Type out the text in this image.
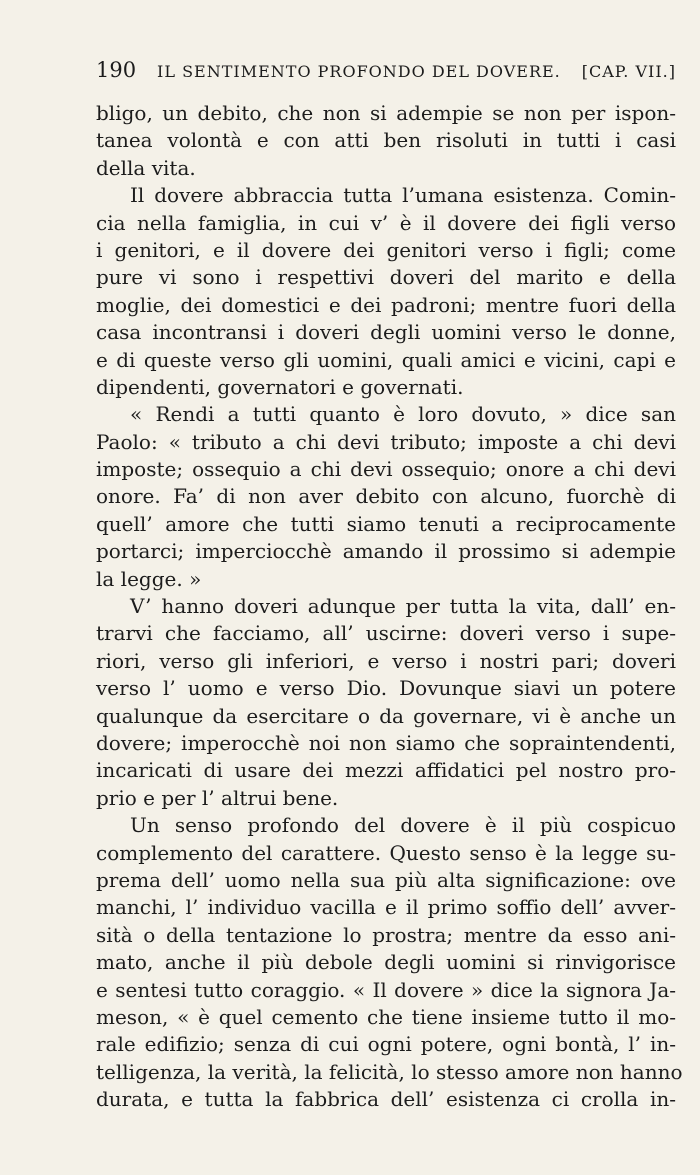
190 IL SENTIMENTO PROFONDO DEL DOVERE. [CAP. VII.]
bligo, un debito, che non si adempie se non per ispon-
tanea volontà e con atti ben risoluti in tutti i casi
della vita.
Il dovere abbraccia tutta l’umana esistenza. Comin-
cia nella famiglia, in cui v’ è il dovere dei figli verso
i genitori, e il dovere dei genitori verso i figli; come
pure vi sono i respettivi doveri del marito e della
moglie, dei domestici e dei padroni; mentre fuori della
casa incontransi i doveri degli uomini verso le donne,
e di queste verso gli uomini, quali amici e vicini, capi e
dipendenti, governatori e governati.
« Rendi a tutti quanto è loro dovuto, » dice san
Paolo: « tributo a chi devi tributo; imposte a chi devi
imposte; ossequio a chi devi ossequio; onore a chi devi
onore. Fa’ di non aver debito con alcuno, fuorchè di
quell’ amore che tutti siamo tenuti a reciprocamente
portarci; imperciocchè amando il prossimo si adempie
la legge. »
V’ hanno doveri adunque per tutta la vita, dall’ en-
trarvi che facciamo, all’ uscirne: doveri verso i supe-
riori, verso gli inferiori, e verso i nostri pari; doveri
verso l’ uomo e verso Dio. Dovunque siavi un potere
qualunque da esercitare o da governare, vi è anche un
dovere; imperocchè noi non siamo che sopraintendenti,
incaricati di usare dei mezzi affidatici pel nostro pro-
prio e per l’ altrui bene.
Un senso profondo del dovere è il più cospicuo
complemento del carattere. Questo senso è la legge su-
prema dell’ uomo nella sua più alta significazione: ove
manchi, l’ individuo vacilla e il primo soffio dell’ avver-
sità o della tentazione lo prostra; mentre da esso ani-
mato, anche il più debole degli uomini si rinvigorisce
e sentesi tutto coraggio. « Il dovere » dice la signora Ja-
meson, « è quel cemento che tiene insieme tutto il mo-
rale edifizio; senza di cui ogni potere, ogni bontà, l’ in-
telligenza, la verità, la felicità, lo stesso amore non hanno
durata, e tutta la fabbrica dell’ esistenza ci crolla in-
